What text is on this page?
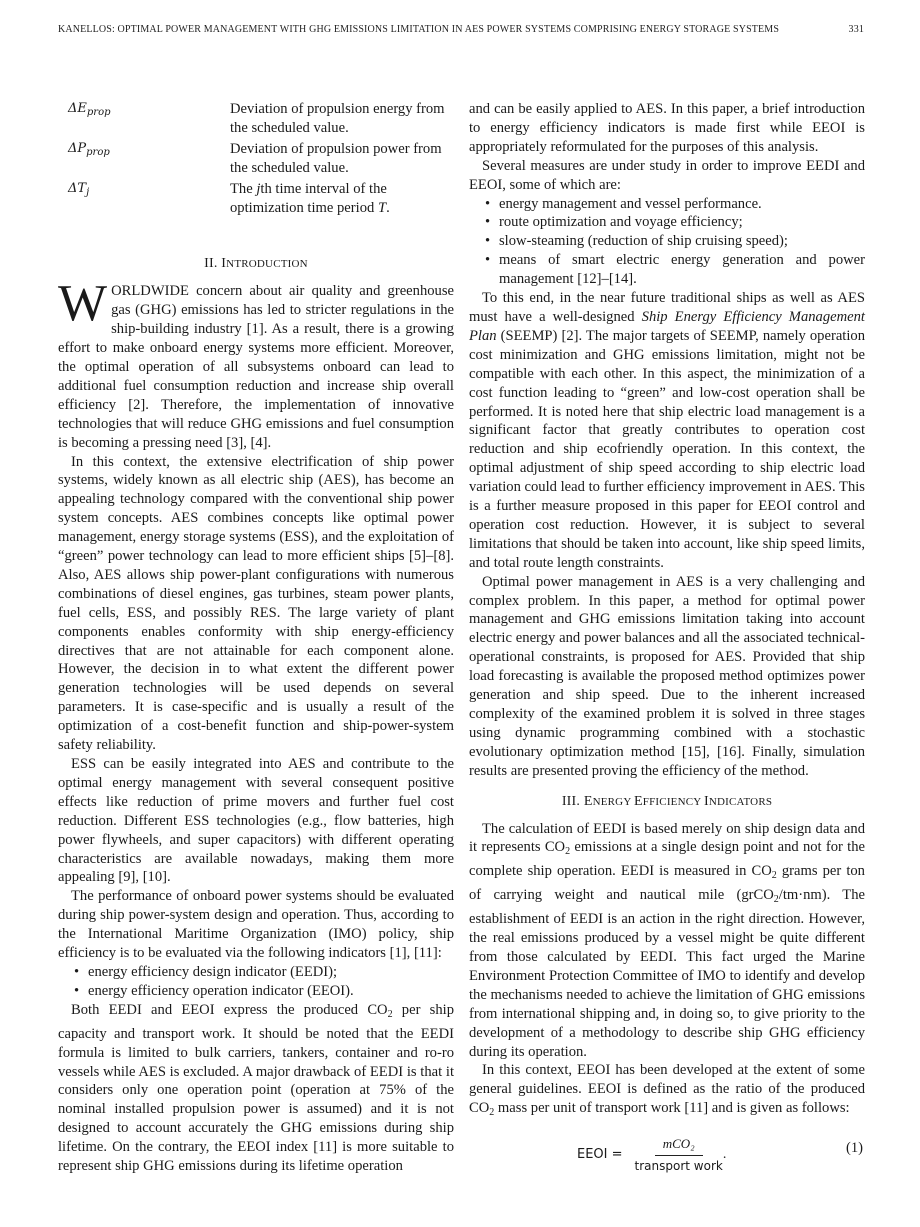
KANELLOS: OPTIMAL POWER MANAGEMENT WITH GHG EMISSIONS LIMITATION IN AES POWER SYSTEMS COMPRISING ENERGY STORAGE SYSTEMS	331
$\Delta E_{prop}$	Deviation of propulsion energy from the scheduled value.
$\Delta P_{prop}$	Deviation of propulsion power from the scheduled value.
$\Delta T_j$	The jth time interval of the optimization time period T.
II. INTRODUCTION

WORLDWIDE concern about air quality and greenhouse gas (GHG) emissions has led to stricter regulations in the ship-building industry [1]. As a result, there is a growing effort to make onboard energy systems more efficient. Moreover, the optimal operation of all subsystems onboard can lead to additional fuel consumption reduction and increase ship overall efficiency [2]. Therefore, the implementation of innovative technologies that will reduce GHG emissions and fuel consumption is becoming a pressing need [3], [4].

In this context, the extensive electrification of ship power systems, widely known as all electric ship (AES), has become an appealing technology compared with the conventional ship power system concepts. AES combines concepts like optimal power management, energy storage systems (ESS), and the exploitation of “green” power technology can lead to more efficient ships [5]–[8]. Also, AES allows ship power-plant configurations with numerous combinations of diesel engines, gas turbines, steam power plants, fuel cells, ESS, and possibly RES. The large variety of plant components enables conformity with ship energy-efficiency directives that are not attainable for each component alone. However, the decision in to what extent the different power generation technologies will be used depends on several parameters. It is case-specific and is usually a result of the optimization of a cost-benefit function and ship-power-system safety reliability.

ESS can be easily integrated into AES and contribute to the optimal energy management with several consequent positive effects like reduction of prime movers and further fuel cost reduction. Different ESS technologies (e.g., flow batteries, high power flywheels, and super capacitors) with different operating characteristics are available nowadays, making them more appealing [9], [10].

The performance of onboard power systems should be evaluated during ship power-system design and operation. Thus, according to the International Maritime Organization (IMO) policy, ship efficiency is to be evaluated via the following indicators [1], [11]:

• energy efficiency design indicator (EEDI);
• energy efficiency operation indicator (EEOI).

Both EEDI and EEOI express the produced $CO_2$ per ship capacity and transport work. It should be noted that the EEDI formula is limited to bulk carriers, tankers, container and ro-ro vessels while AES is excluded. A major drawback of EEDI is that it considers only one operation point (operation at 75% of the nominal installed propulsion power is assumed) and it is not designed to account accurately the GHG emissions during ship lifetime. On the contrary, the EEOI index [11] is more suitable to represent ship GHG emissions during its lifetime operation

and can be easily applied to AES. In this paper, a brief introduction to energy efficiency indicators is made first while EEOI is appropriately reformulated for the purposes of this analysis.

Several measures are under study in order to improve EEDI and EEOI, some of which are:

• energy management and vessel performance.
• route optimization and voyage efficiency;
• slow-steaming (reduction of ship cruising speed);
• means of smart electric energy generation and power management [12]–[14].

To this end, in the near future traditional ships as well as AES must have a well-designed Ship Energy Efficiency Management Plan (SEEMP) [2]. The major targets of SEEMP, namely operation cost minimization and GHG emissions limitation, might not be compatible with each other. In this aspect, the minimization of a cost function leading to “green” and low-cost operation shall be performed. It is noted here that ship electric load management is a significant factor that greatly contributes to operation cost reduction and ship ecofriendly operation. In this context, the optimal adjustment of ship speed according to ship electric load variation could lead to further efficiency improvement in AES. This is a further measure proposed in this paper for EEOI control and operation cost reduction. However, it is subject to several limitations that should be taken into account, like ship speed limits, and total route length constraints.

Optimal power management in AES is a very challenging and complex problem. In this paper, a method for optimal power management and GHG emissions limitation taking into account electric energy and power balances and all the associated technical-operational constraints, is proposed for AES. Provided that ship load forecasting is available the proposed method optimizes power generation and ship speed. Due to the inherent increased complexity of the examined problem it is solved in three stages using dynamic programming combined with a stochastic evolutionary optimization method [15], [16]. Finally, simulation results are presented proving the efficiency of the method.

III. ENERGY EFFICIENCY INDICATORS

The calculation of EEDI is based merely on ship design data and it represents $CO_2$ emissions at a single design point and not for the complete ship operation. EEDI is measured in $CO_2$ grams per ton of carrying weight and nautical mile (grCO$_2$/tm·nm). The establishment of EEDI is an action in the right direction. However, the real emissions produced by a vessel might be quite different from those calculated by EEDI. This fact urged the Marine Environment Protection Committee of IMO to identify and develop the mechanisms needed to achieve the limitation of GHG emissions from international shipping and, in doing so, to give priority to the development of a methodology to describe ship GHG efficiency during its operation.

In this context, EEOI has been developed at the extent of some general guidelines. EEOI is defined as the ratio of the produced $CO_2$ mass per unit of transport work [11] and is given as follows:

EEOI = $\frac{\text{mCO₂}}{\text{transport work}}$ .	(1)
